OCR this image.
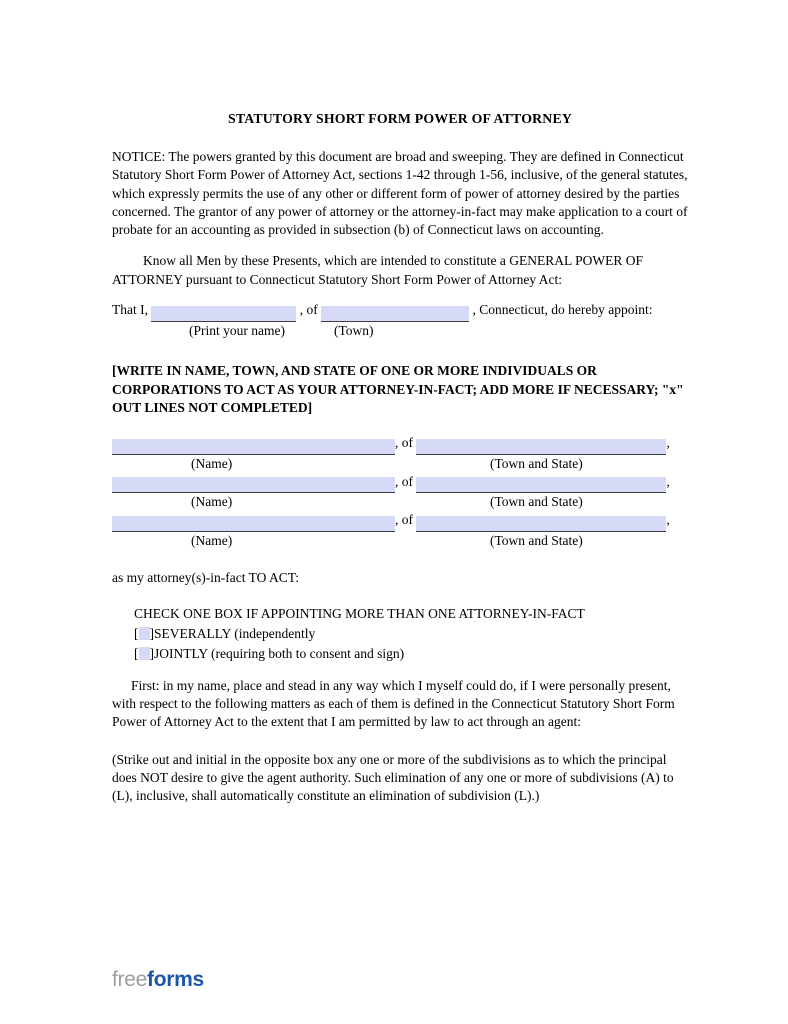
STATUTORY SHORT FORM POWER OF ATTORNEY

NOTICE: The powers granted by this document are broad and sweeping. They are defined in Connecticut Statutory Short Form Power of Attorney Act, sections 1-42 through 1-56, inclusive, of the general statutes, which expressly permits the use of any other or different form of power of attorney desired by the parties concerned. The grantor of any power of attorney or the attorney-in-fact may make application to a court of probate for an accounting as provided in subsection (b) of Connecticut laws on accounting.

Know all Men by these Presents, which are intended to constitute a GENERAL POWER OF ATTORNEY pursuant to Connecticut Statutory Short Form Power of Attorney Act:

That I,	, of	, Connecticut, do hereby appoint:
(Print your name)	(Town)

[WRITE IN NAME, TOWN, AND STATE OF ONE OR MORE INDIVIDUALS OR CORPORATIONS TO ACT AS YOUR ATTORNEY-IN-FACT; ADD MORE IF NECESSARY; "x" OUT LINES NOT COMPLETED]

, of	,
(Name)	(Town and State)
, of	,
(Name)	(Town and State)
, of	,
(Name)	(Town and State)

as my attorney(s)-in-fact TO ACT:

CHECK ONE BOX IF APPOINTING MORE THAN ONE ATTORNEY-IN-FACT

[ ]SEVERALLY (independently
[ ]JOINTLY (requiring both to consent and sign)

First: in my name, place and stead in any way which I myself could do, if I were personally present, with respect to the following matters as each of them is defined in the Connecticut Statutory Short Form Power of Attorney Act to the extent that I am permitted by law to act through an agent:

(Strike out and initial in the opposite box any one or more of the subdivisions as to which the principal does NOT desire to give the agent authority. Such elimination of any one or more of subdivisions (A) to (L), inclusive, shall automatically constitute an elimination of subdivision (L).)

freeforms
